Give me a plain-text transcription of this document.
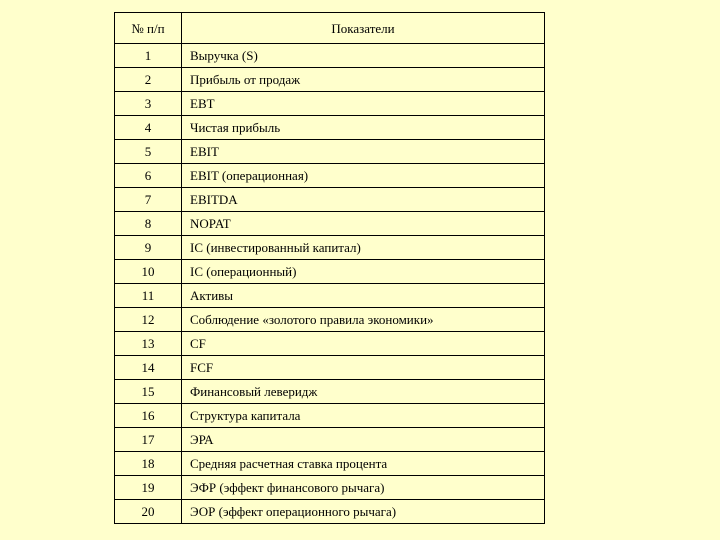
№ п/п	Показатели
1	Выручка (S)
2	Прибыль от продаж
3	EBT
4	Чистая прибыль
5	EBIT
6	EBIT (операционная)
7	EBITDA
8	NOPAT
9	IC (инвестированный капитал)
10	IC (операционный)
11	Активы
12	Соблюдение «золотого правила экономики»
13	CF
14	FCF
15	Финансовый леверидж
16	Структура капитала
17	ЭРА
18	Средняя расчетная ставка процента
19	ЭФР (эффект финансового рычага)
20	ЭОР (эффект операционного рычага)
